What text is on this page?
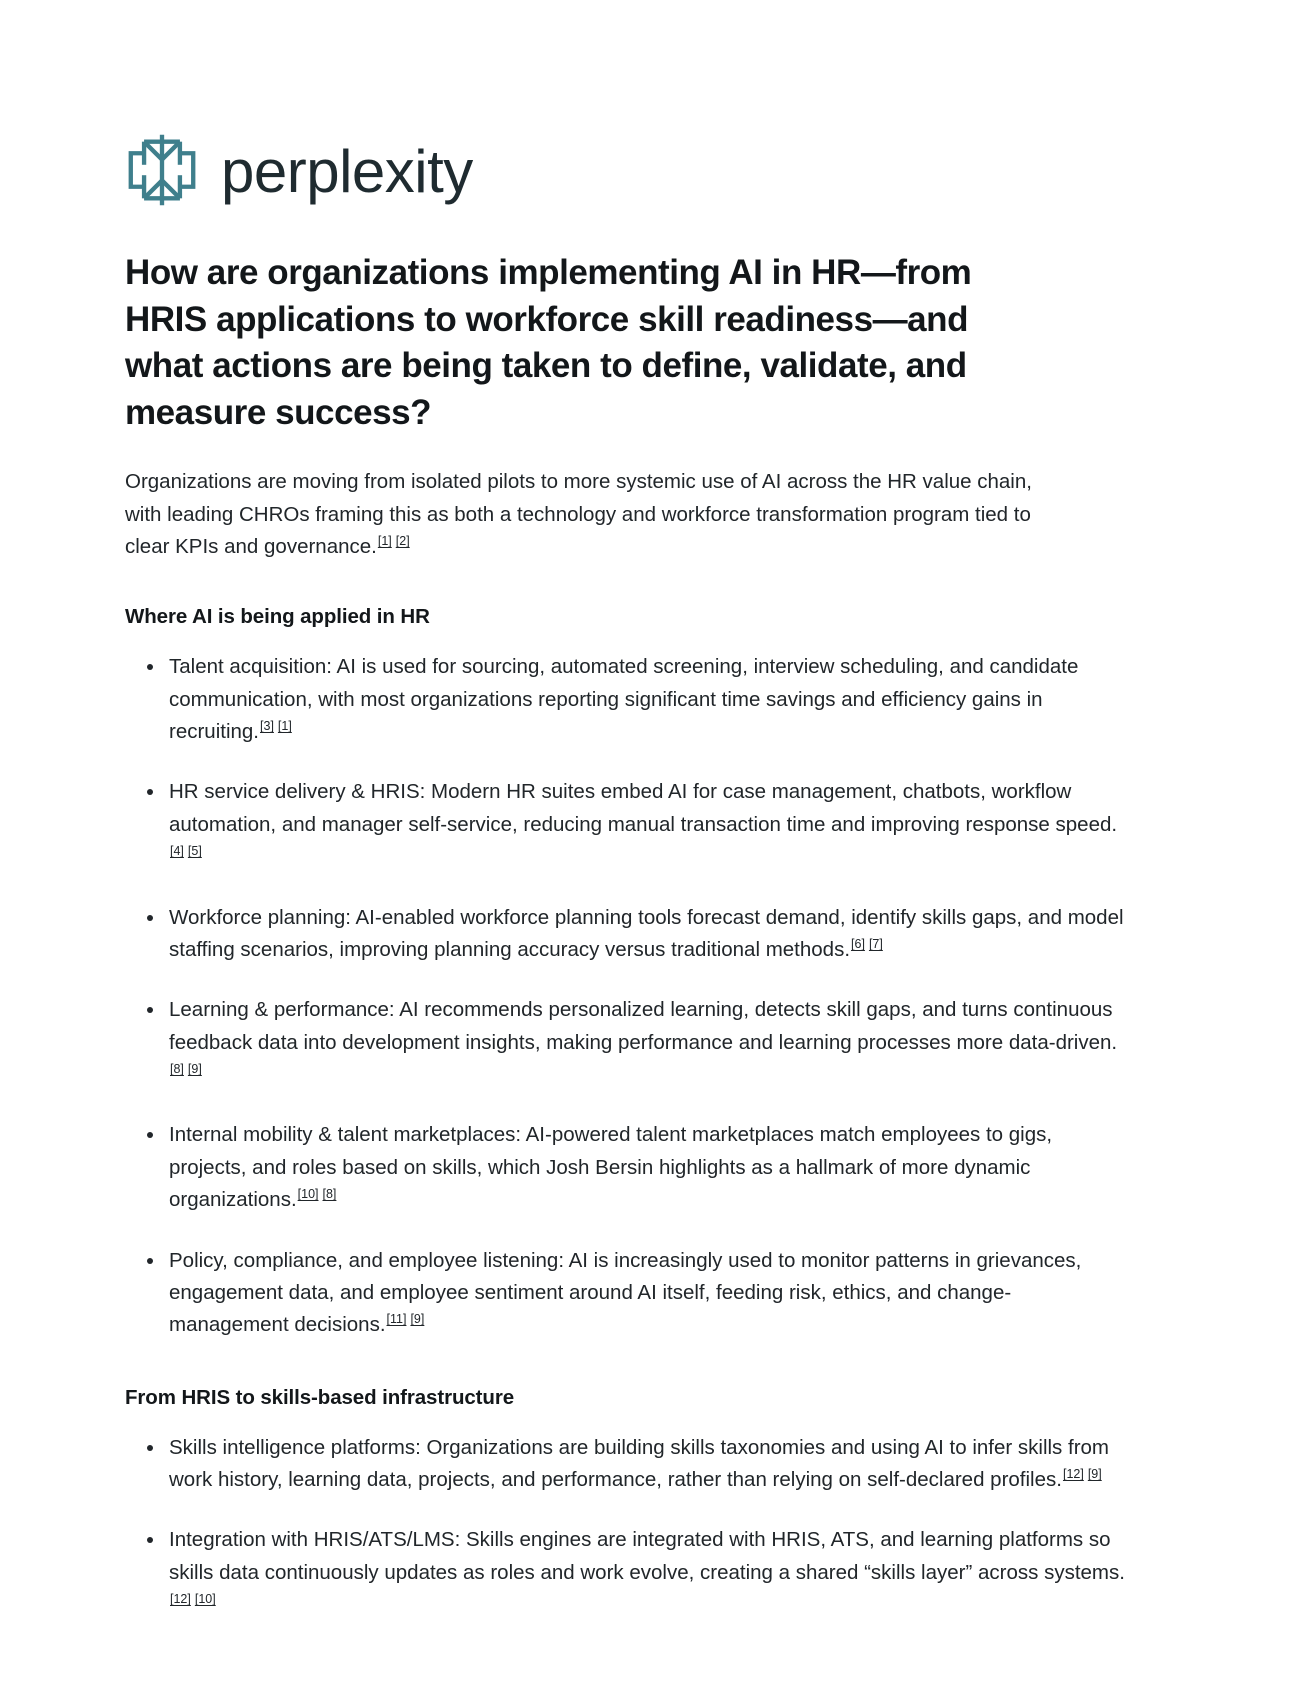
perplexity
How are organizations implementing AI in HR—from HRIS applications to workforce skill readiness—and what actions are being taken to define, validate, and measure success?

Organizations are moving from isolated pilots to more systemic use of AI across the HR value chain, with leading CHROs framing this as both a technology and workforce transformation program tied to clear KPIs and governance.[1] [2]

Where AI is being applied in HR
Talent acquisition: AI is used for sourcing, automated screening, interview scheduling, and candidate communication, with most organizations reporting significant time savings and efficiency gains in recruiting.[3] [1]
HR service delivery & HRIS: Modern HR suites embed AI for case management, chatbots, workflow automation, and manager self-service, reducing manual transaction time and improving response speed.[4] [5]
Workforce planning: AI-enabled workforce planning tools forecast demand, identify skills gaps, and model staffing scenarios, improving planning accuracy versus traditional methods.[6] [7]
Learning & performance: AI recommends personalized learning, detects skill gaps, and turns continuous feedback data into development insights, making performance and learning processes more data-driven.[8] [9]
Internal mobility & talent marketplaces: AI-powered talent marketplaces match employees to gigs, projects, and roles based on skills, which Josh Bersin highlights as a hallmark of more dynamic organizations.[10] [8]
Policy, compliance, and employee listening: AI is increasingly used to monitor patterns in grievances, engagement data, and employee sentiment around AI itself, feeding risk, ethics, and change-management decisions.[11] [9]
From HRIS to skills-based infrastructure
Skills intelligence platforms: Organizations are building skills taxonomies and using AI to infer skills from work history, learning data, projects, and performance, rather than relying on self-declared profiles.[12] [9]
Integration with HRIS/ATS/LMS: Skills engines are integrated with HRIS, ATS, and learning platforms so skills data continuously updates as roles and work evolve, creating a shared “skills layer” across systems.[12] [10]
